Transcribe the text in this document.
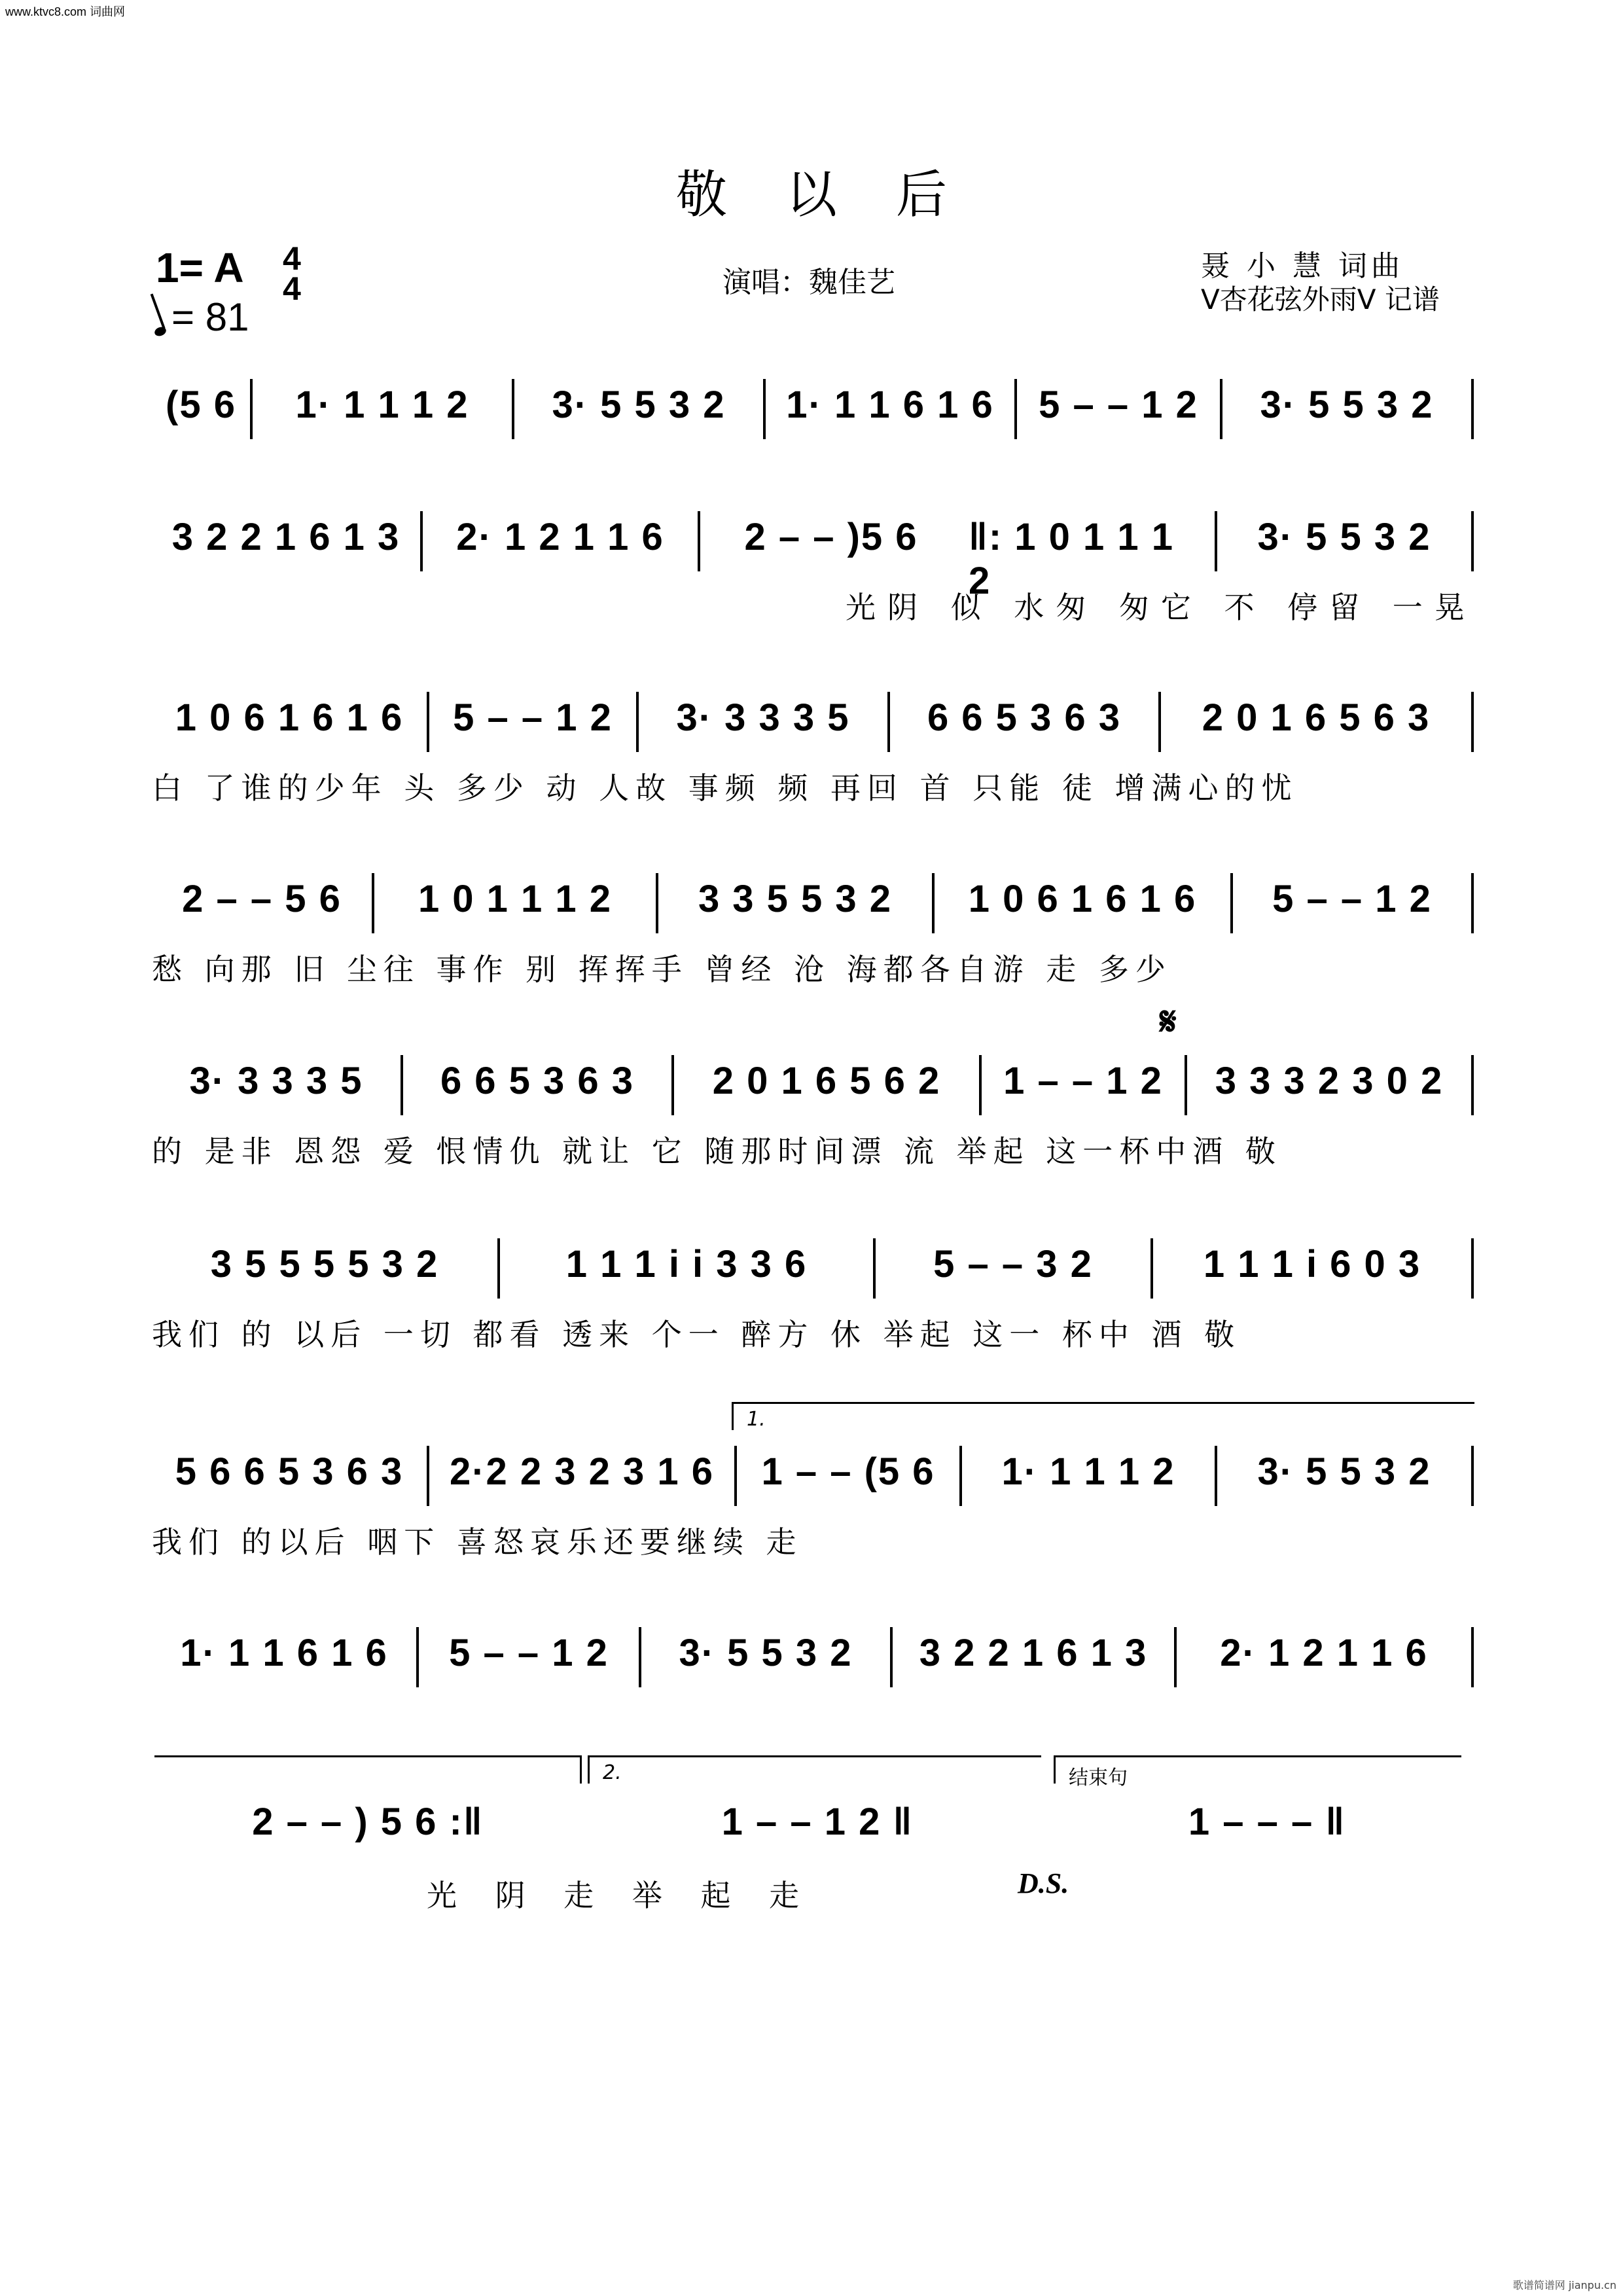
www.ktvc8.com 词曲网
歌谱简谱网 jianpu.cn
敬以后
1= A 4
4
= 81
演唱：魏佳艺	聂 小 慧 词曲
V杏花弦外雨V 记谱
(5 6	1· 1 1 1 2	3· 5 5 3 2	1· 1 1 6 1 6	5 – – 1 2	3· 5 5 3 2
3 2 2 1 6 1 3	2· 1 2 1 1 6	2 – – )5 6	‖: 1 0 1 1 1 2
3· 5 5 3 2
光阴 似 水匆 匆它 不 停留 一晃
1 0 6 1 6 1 6	5 – – 1 2	3· 3 3 3 5	6 6 5 3 6 3	2 0 1 6 5 6 3
白 了谁的少年 头 多少 动 人故 事频 频 再回 首 只能 徒 增满心的忧
2 – – 5 6	1 0 1 1 1 2	3 3 5 5 3 2	1 0 6 1 6 1 6	5 – – 1 2
愁 向那 旧 尘往 事作 别 挥挥手 曾经 沧 海都各自游 走 多少
𝄋
3· 3 3 3 5	6 6 5 3 6 3	2 0 1 6 5 6 2	1 – – 1 2	3 3 3 2 3 0 2
的 是非 恩怨 爱 恨情仇 就让 它 随那时间漂 流 举起 这一杯中酒 敬
3 5 5 5 5 3 2	1 1 1 i i 3 3 6	5 – – 3 2	1 1 1 i 6 0 3
我们 的 以后 一切 都看 透来 个一 醉方 休 举起 这一 杯中 酒 敬
1.
5 6 6 5 3 6 3	2·2 2 3 2 3 1 6	1 – – (5 6	1· 1 1 1 2	3· 5 5 3 2
我们 的以后 咽下 喜怒哀乐还要继续 走
1· 1 1 6 1 6	5 – – 1 2	3· 5 5 3 2	3 2 2 1 6 1 3	2· 1 2 1 1 6
2.	结束句
2 – – ) 5 6 :‖	1 – – 1 2 ‖	1 – – – ‖
光 阴 走 举 起 走	D.S.
